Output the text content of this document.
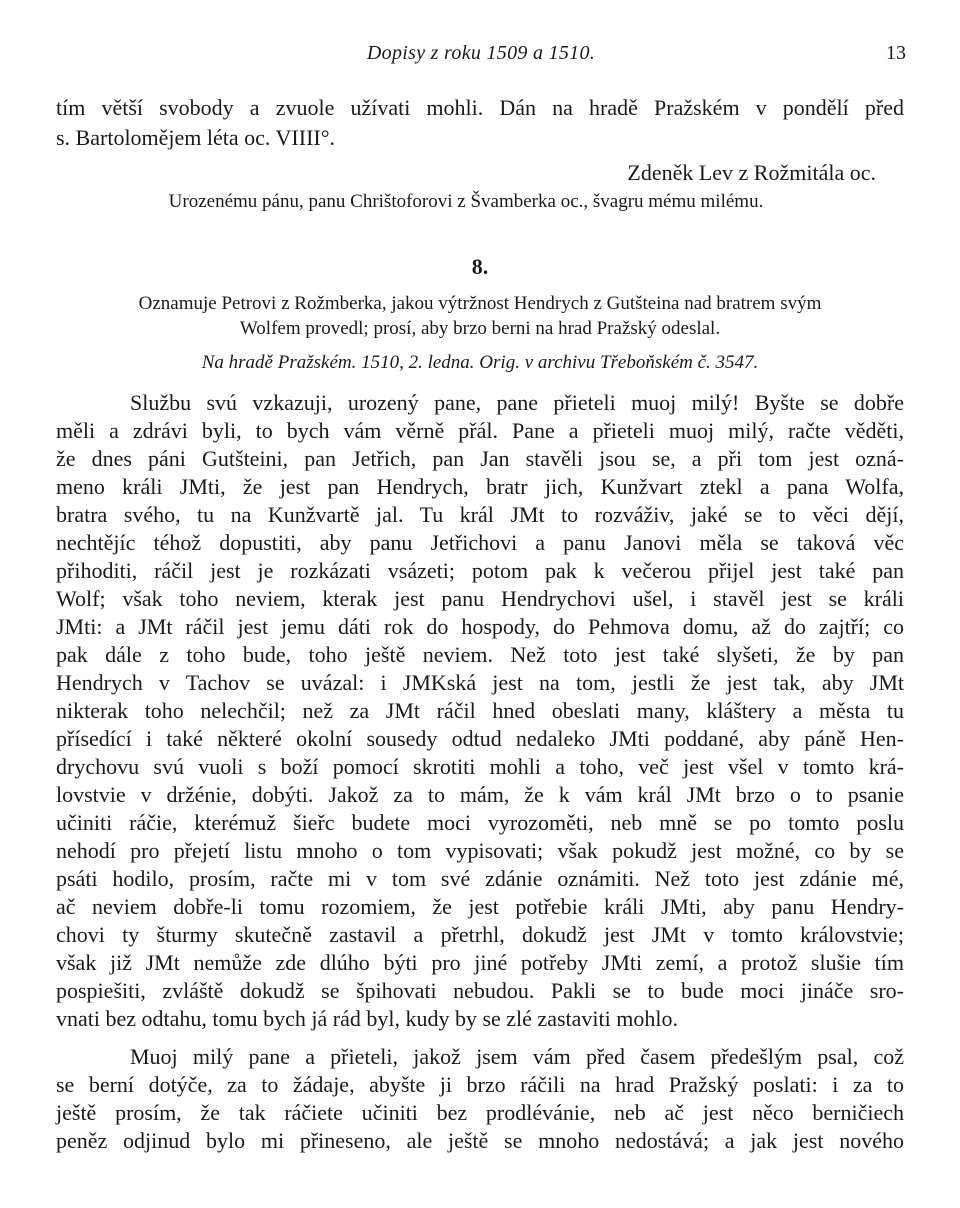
Dopisy z roku 1509 a 1510.	13
tím větší svobody a zvuole užívati mohli. Dán na hradě Pražském v pondělí před
s. Bartolomějem léta oc. VIIII°.
Zdeněk Lev z Rožmitála oc.
Urozenému pánu, panu Chrištoforovi z Švamberka oc., švagru mému milému.
8.
Oznamuje Petrovi z Rožmberka, jakou výtržnost Hendrych z Gutšteina nad bratrem svým
Wolfem provedl; prosí, aby brzo berni na hrad Pražský odeslal.
Na hradě Pražském. 1510, 2. ledna. Orig. v archivu Třeboňském č. 3547.
Službu svú vzkazuji, urozený pane, pane přieteli muoj milý! Byšte se dobře
měli a zdrávi byli, to bych vám věrně přál. Pane a přieteli muoj milý, račte věděti,
že dnes páni Gutšteini, pan Jetřich, pan Jan stavěli jsou se, a při tom jest ozná-
meno králi JMti, že jest pan Hendrych, bratr jich, Kunžvart ztekl a pana Wolfa,
bratra svého, tu na Kunžvartě jal. Tu král JMt to rozváživ, jaké se to věci dějí,
nechtějíc téhož dopustiti, aby panu Jetřichovi a panu Janovi měla se taková věc
přihoditi, ráčil jest je rozkázati vsázeti; potom pak k večerou přijel jest také pan
Wolf; však toho neviem, kterak jest panu Hendrychovi ušel, i stavěl jest se králi
JMti: a JMt ráčil jest jemu dáti rok do hospody, do Pehmova domu, až do zajtří; co
pak dále z toho bude, toho ještě neviem. Než toto jest také slyšeti, že by pan
Hendrych v Tachov se uvázal: i JMKská jest na tom, jestli že jest tak, aby JMt
nikterak toho nelechčil; než za JMt ráčil hned obeslati many, kláštery a města tu
přísedící i také některé okolní sousedy odtud nedaleko JMti poddané, aby páně Hen-
drychovu svú vuoli s boží pomocí skrotiti mohli a toho, več jest všel v tomto krá-
lovstvie v držénie, dobýti. Jakož za to mám, že k vám král JMt brzo o to psanie
učiniti ráčie, kterémuž šieřc budete moci vyrozoměti, neb mně se po tomto poslu
nehodí pro přejetí listu mnoho o tom vypisovati; však pokudž jest možné, co by se
psáti hodilo, prosím, račte mi v tom své zdánie oznámiti. Než toto jest zdánie mé,
ač neviem dobře-li tomu rozomiem, že jest potřebie králi JMti, aby panu Hendry-
chovi ty šturmy skutečně zastavil a přetrhl, dokudž jest JMt v tomto královstvie;
však již JMt nemůže zde dlúho býti pro jiné potřeby JMti zemí, a protož slušie tím
pospiešiti, zvláště dokudž se špihovati nebudou. Pakli se to bude moci jináče sro-
vnati bez odtahu, tomu bych já rád byl, kudy by se zlé zastaviti mohlo.
Muoj milý pane a přieteli, jakož jsem vám před časem předešlým psal, což
se berní dotýče, za to žádaje, abyšte ji brzo ráčili na hrad Pražský poslati: i za to
ještě prosím, že tak ráčiete učiniti bez prodlévánie, neb ač jest něco berničiech
peněz odjinud bylo mi přineseno, ale ještě se mnoho nedostává; a jak jest nového
